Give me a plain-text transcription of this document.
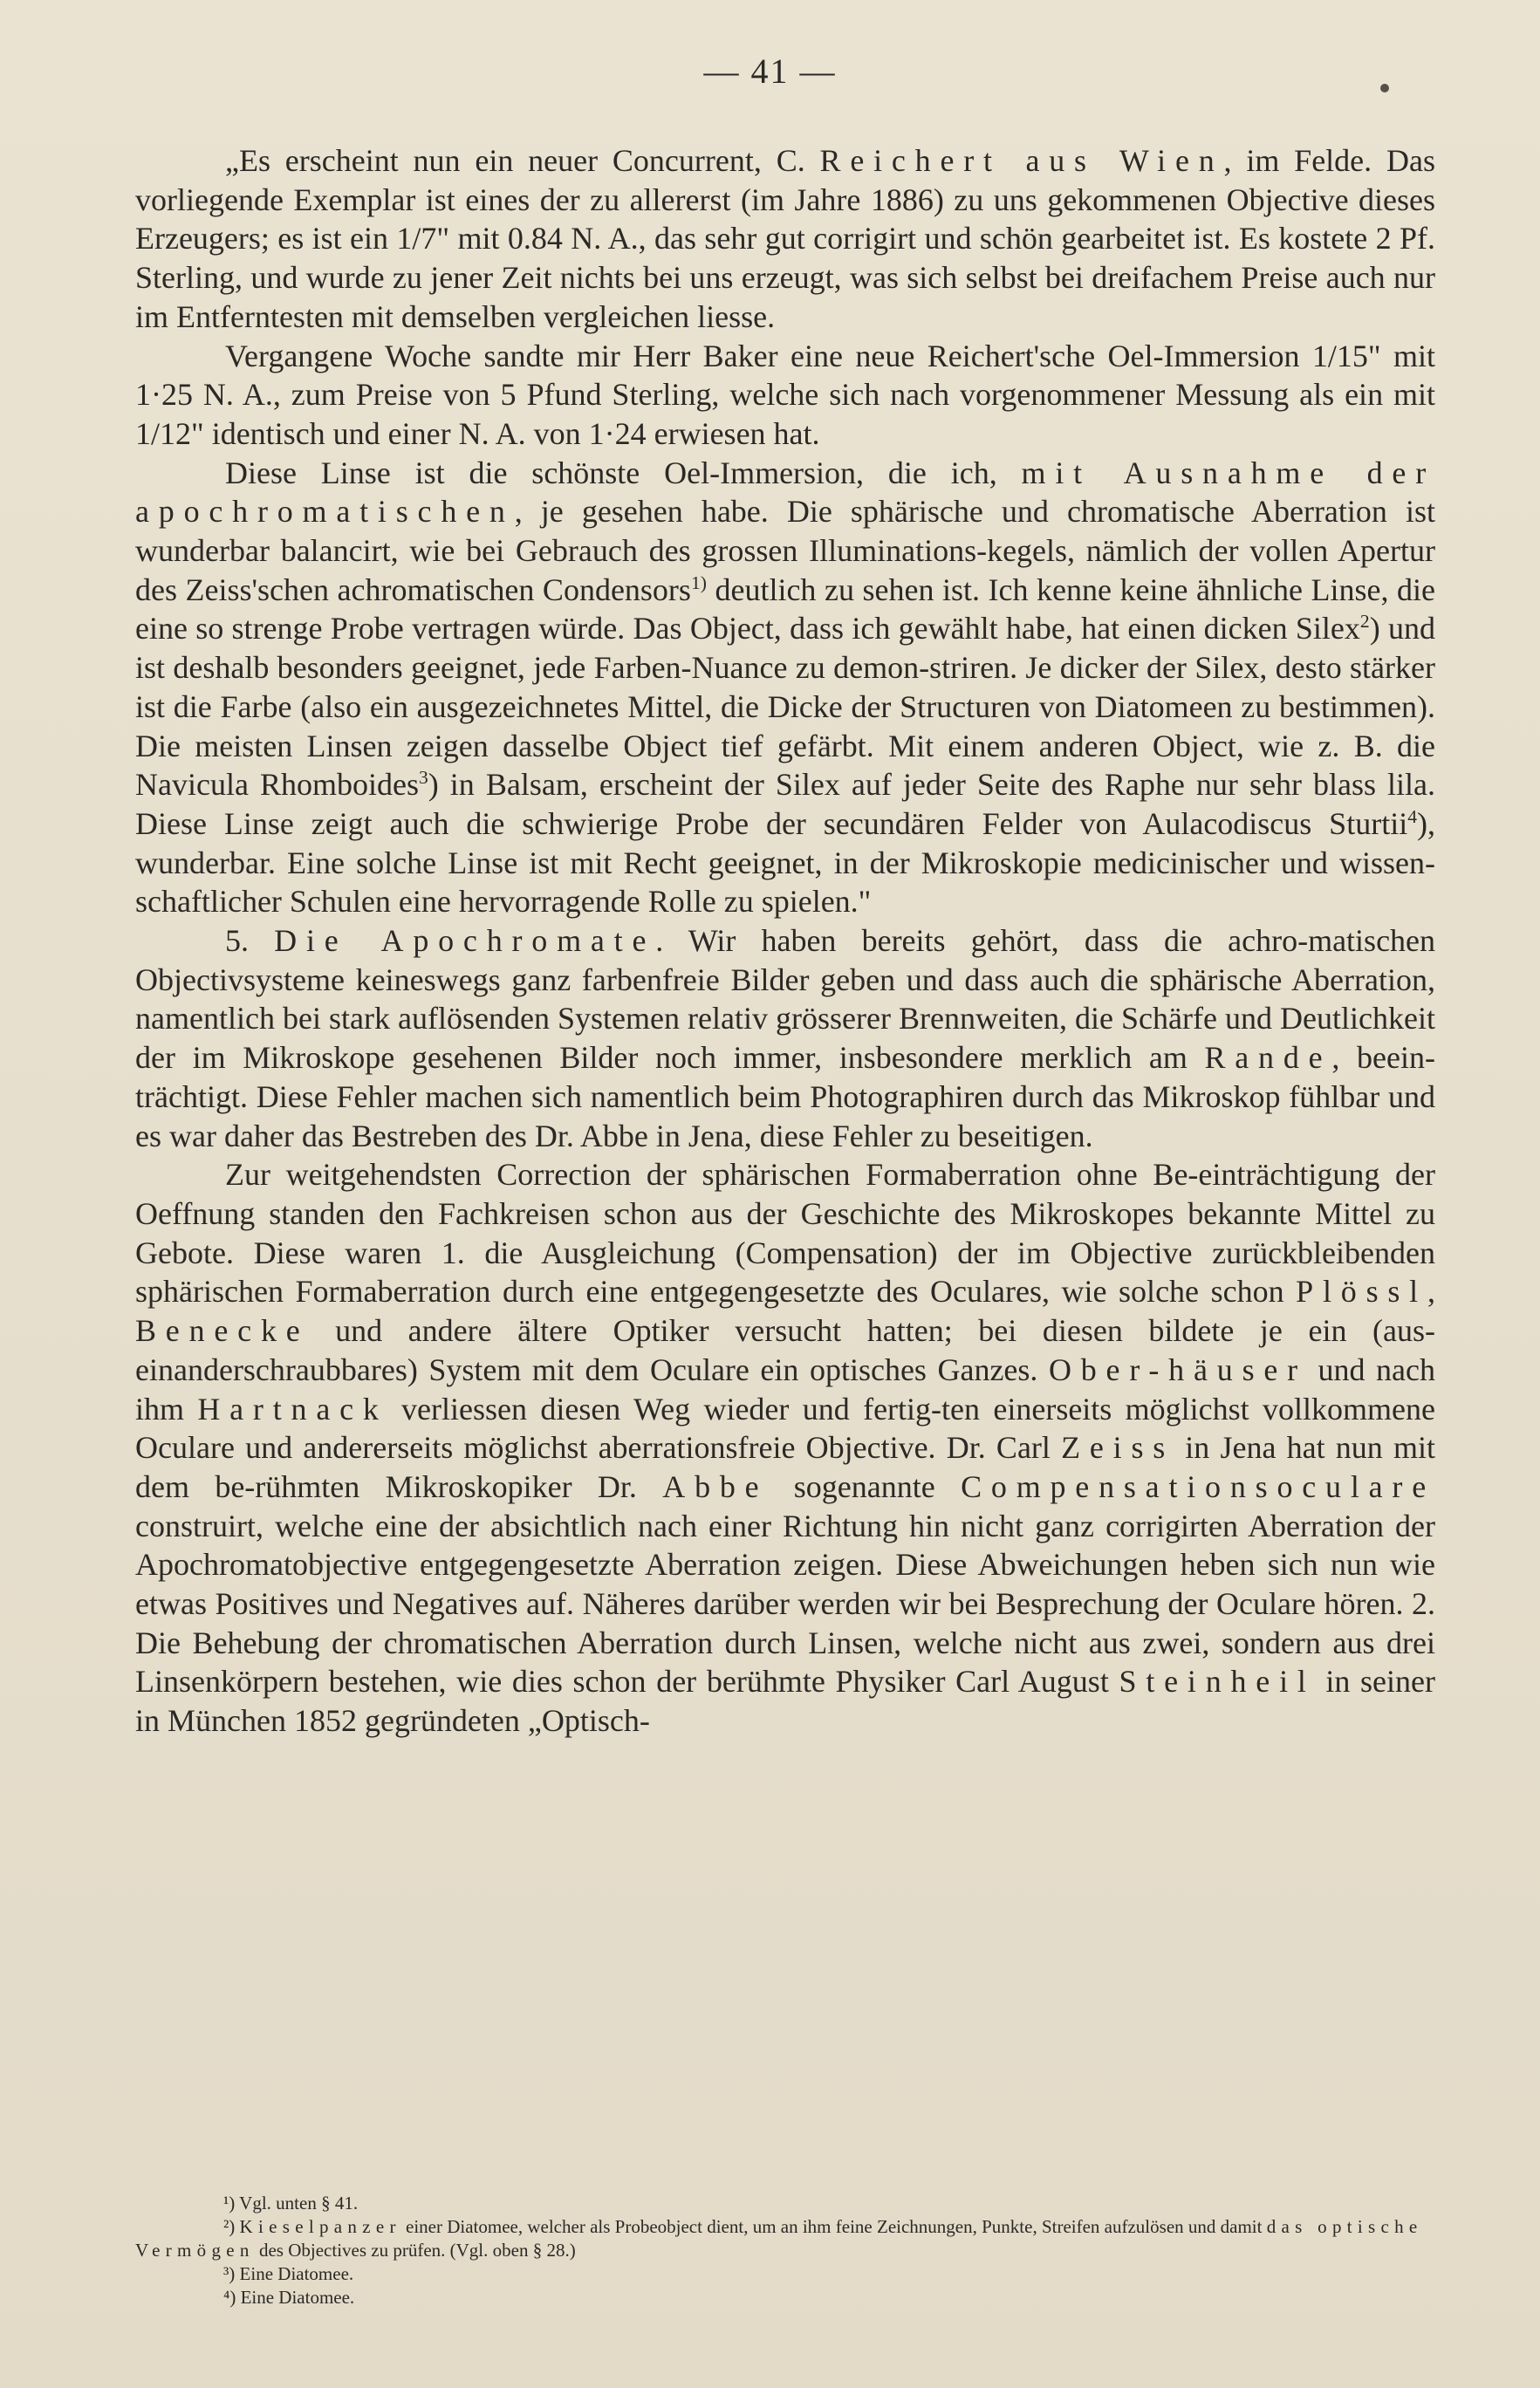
— 41 —

„Es erscheint nun ein neuer Concurrent, C. Reichert aus Wien, im Felde. Das vorliegende Exemplar ist eines der zu allererst (im Jahre 1886) zu uns gekommenen Objective dieses Erzeugers; es ist ein 1/7" mit 0.84 N. A., das sehr gut corrigirt und schön gearbeitet ist. Es kostete 2 Pf. Sterling, und wurde zu jener Zeit nichts bei uns erzeugt, was sich selbst bei dreifachem Preise auch nur im Entferntesten mit demselben vergleichen liesse.

Vergangene Woche sandte mir Herr Baker eine neue Reichert'sche Oel-Immersion 1/15" mit 1·25 N. A., zum Preise von 5 Pfund Sterling, welche sich nach vorgenommener Messung als ein mit 1/12" identisch und einer N. A. von 1·24 erwiesen hat.

Diese Linse ist die schönste Oel-Immersion, die ich, mit Ausnahme der apochromatischen, je gesehen habe. Die sphärische und chromatische Aberration ist wunderbar balancirt, wie bei Gebrauch des grossen Illuminations-kegels, nämlich der vollen Apertur des Zeiss'schen achromatischen Condensors$^{1)}$ deutlich zu sehen ist. Ich kenne keine ähnliche Linse, die eine so strenge Probe vertragen würde. Das Object, dass ich gewählt habe, hat einen dicken Silex$^2$) und ist deshalb besonders geeignet, jede Farben-Nuance zu demon-striren. Je dicker der Silex, desto stärker ist die Farbe (also ein ausgezeichnetes Mittel, die Dicke der Structuren von Diatomeen zu bestimmen). Die meisten Linsen zeigen dasselbe Object tief gefärbt. Mit einem anderen Object, wie z. B. die Navicula Rhomboides$^3$) in Balsam, erscheint der Silex auf jeder Seite des Raphe nur sehr blass lila. Diese Linse zeigt auch die schwierige Probe der secundären Felder von Aulacodiscus Sturtii$^4$), wunderbar. Eine solche Linse ist mit Recht geeignet, in der Mikroskopie medicinischer und wissen-schaftlicher Schulen eine hervorragende Rolle zu spielen."

5. Die Apochromate. Wir haben bereits gehört, dass die achro-matischen Objectivsysteme keineswegs ganz farbenfreie Bilder geben und dass auch die sphärische Aberration, namentlich bei stark auflösenden Systemen relativ grösserer Brennweiten, die Schärfe und Deutlichkeit der im Mikroskope gesehenen Bilder noch immer, insbesondere merklich am Rande, beein-trächtigt. Diese Fehler machen sich namentlich beim Photographiren durch das Mikroskop fühlbar und es war daher das Bestreben des Dr. Abbe in Jena, diese Fehler zu beseitigen.

Zur weitgehendsten Correction der sphärischen Formaberration ohne Be-einträchtigung der Oeffnung standen den Fachkreisen schon aus der Geschichte des Mikroskopes bekannte Mittel zu Gebote. Diese waren 1. die Ausgleichung (Compensation) der im Objective zurückbleibenden sphärischen Formaberration durch eine entgegengesetzte des Oculares, wie solche schon Plössl, Benecke und andere ältere Optiker versucht hatten; bei diesen bildete je ein (aus-einanderschraubbares) System mit dem Oculare ein optisches Ganzes. Ober-häuser und nach ihm Hartnack verliessen diesen Weg wieder und fertig-ten einerseits möglichst vollkommene Oculare und andererseits möglichst aberrationsfreie Objective. Dr. Carl Zeiss in Jena hat nun mit dem be-rühmten Mikroskopiker Dr. Abbe sogenannte Compensationsoculare construirt, welche eine der absichtlich nach einer Richtung hin nicht ganz corrigirten Aberration der Apochromatobjective entgegengesetzte Aberration zeigen. Diese Abweichungen heben sich nun wie etwas Positives und Negatives auf. Näheres darüber werden wir bei Besprechung der Oculare hören. 2. Die Behebung der chromatischen Aberration durch Linsen, welche nicht aus zwei, sondern aus drei Linsenkörpern bestehen, wie dies schon der berühmte Physiker Carl August Steinheil in seiner in München 1852 gegründeten „Optisch-

¹) Vgl. unten § 41.

²) Kieselpanzer einer Diatomee, welcher als Probeobject dient, um an ihm feine Zeichnungen, Punkte, Streifen aufzulösen und damit das optische Vermögen des Objectives zu prüfen. (Vgl. oben § 28.)

³) Eine Diatomee.

⁴) Eine Diatomee.
